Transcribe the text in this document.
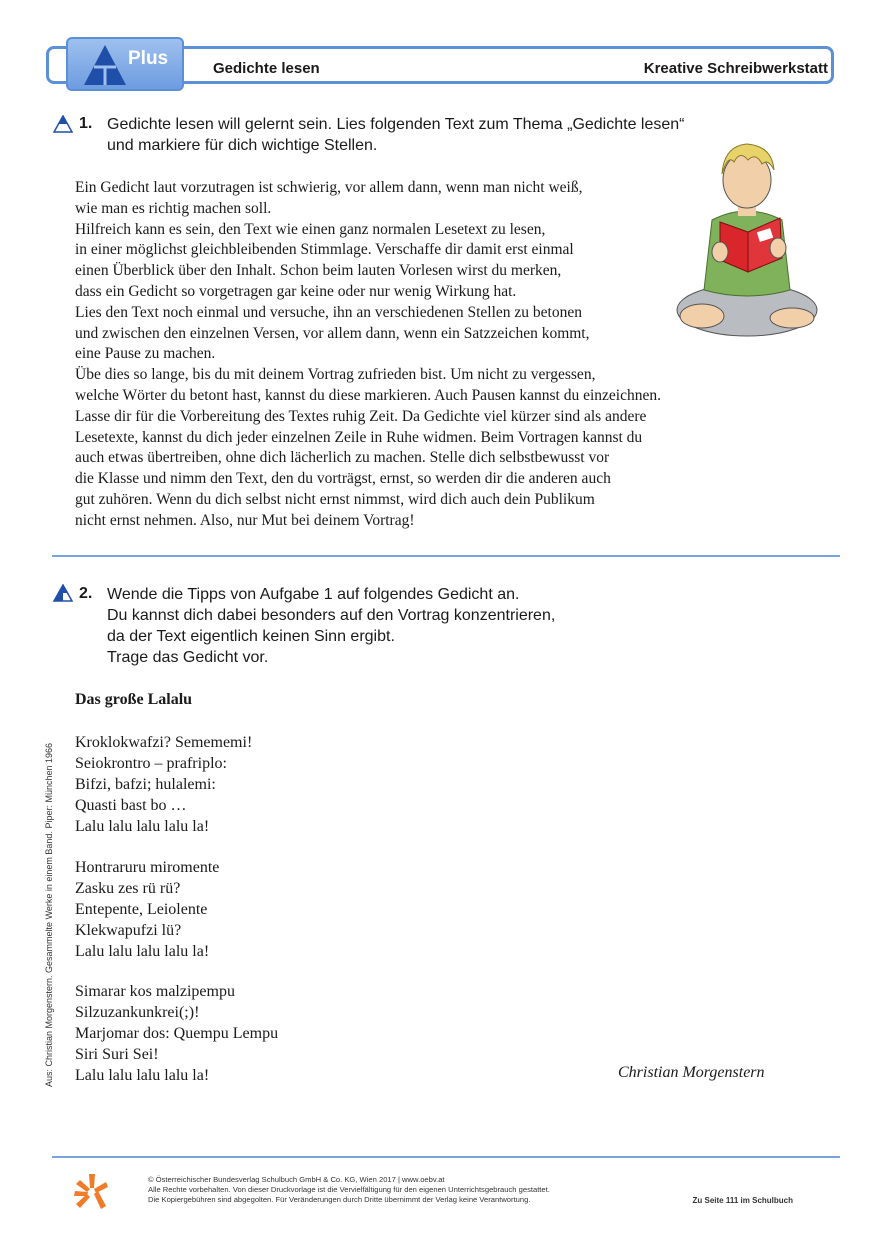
Plus	Gedichte lesen	Kreative Schreibwerkstatt
1. Gedichte lesen will gelernt sein. Lies folgenden Text zum Thema „Gedichte lesen“
und markiere für dich wichtige Stellen.
Ein Gedicht laut vorzutragen ist schwierig, vor allem dann, wenn man nicht weiß,
wie man es richtig machen soll.
Hilfreich kann es sein, den Text wie einen ganz normalen Lesetext zu lesen,
in einer möglichst gleichbleibenden Stimmlage. Verschaffe dir damit erst einmal
einen Überblick über den Inhalt. Schon beim lauten Vorlesen wirst du merken,
dass ein Gedicht so vorgetragen gar keine oder nur wenig Wirkung hat.
Lies den Text noch einmal und versuche, ihn an verschiedenen Stellen zu betonen
und zwischen den einzelnen Versen, vor allem dann, wenn ein Satzzeichen kommt,
eine Pause zu machen.
Übe dies so lange, bis du mit deinem Vortrag zufrieden bist. Um nicht zu vergessen,
welche Wörter du betont hast, kannst du diese markieren. Auch Pausen kannst du einzeichnen.
Lasse dir für die Vorbereitung des Textes ruhig Zeit. Da Gedichte viel kürzer sind als andere
Lesetexte, kannst du dich jeder einzelnen Zeile in Ruhe widmen. Beim Vortragen kannst du
auch etwas übertreiben, ohne dich lächerlich zu machen. Stelle dich selbstbewusst vor
die Klasse und nimm den Text, den du vorträgst, ernst, so werden dir die anderen auch
gut zuhören. Wenn du dich selbst nicht ernst nimmst, wird dich auch dein Publikum
nicht ernst nehmen. Also, nur Mut bei deinem Vortrag!
2. Wende die Tipps von Aufgabe 1 auf folgendes Gedicht an.
Du kannst dich dabei besonders auf den Vortrag konzentrieren,
da der Text eigentlich keinen Sinn ergibt.
Trage das Gedicht vor.
Das große Lalalu
Kroklokwafzi? Semememi!
Seiokrontro – prafriplo:
Bifzi, bafzi; hulalemi:
Quasti bast bo …
Lalu lalu lalu lalu la!
Hontraruru miromente
Zasku zes rü rü?
Entepente, Leiolente
Klekwapufzi lü?
Lalu lalu lalu lalu la!
Simarar kos malzipempu
Silzuzankunkrei(;)!
Marjomar dos: Quempu Lempu
Siri Suri Sei!
Lalu lalu lalu lalu la!	Christian Morgenstern
Aus: Christian Morgenstern. Gesammelte Werke in einem Band. Piper: München 1966
© Österreichischer Bundesverlag Schulbuch GmbH & Co. KG, Wien 2017 | www.oebv.at
Alle Rechte vorbehalten. Von dieser Druckvorlage ist die Vervielfältigung für den eigenen Unterrichtsgebrauch gestattet.
Die Kopiergebühren sind abgegolten. Für Veränderungen durch Dritte übernimmt der Verlag keine Verantwortung.	Zu Seite 111 im Schulbuch
